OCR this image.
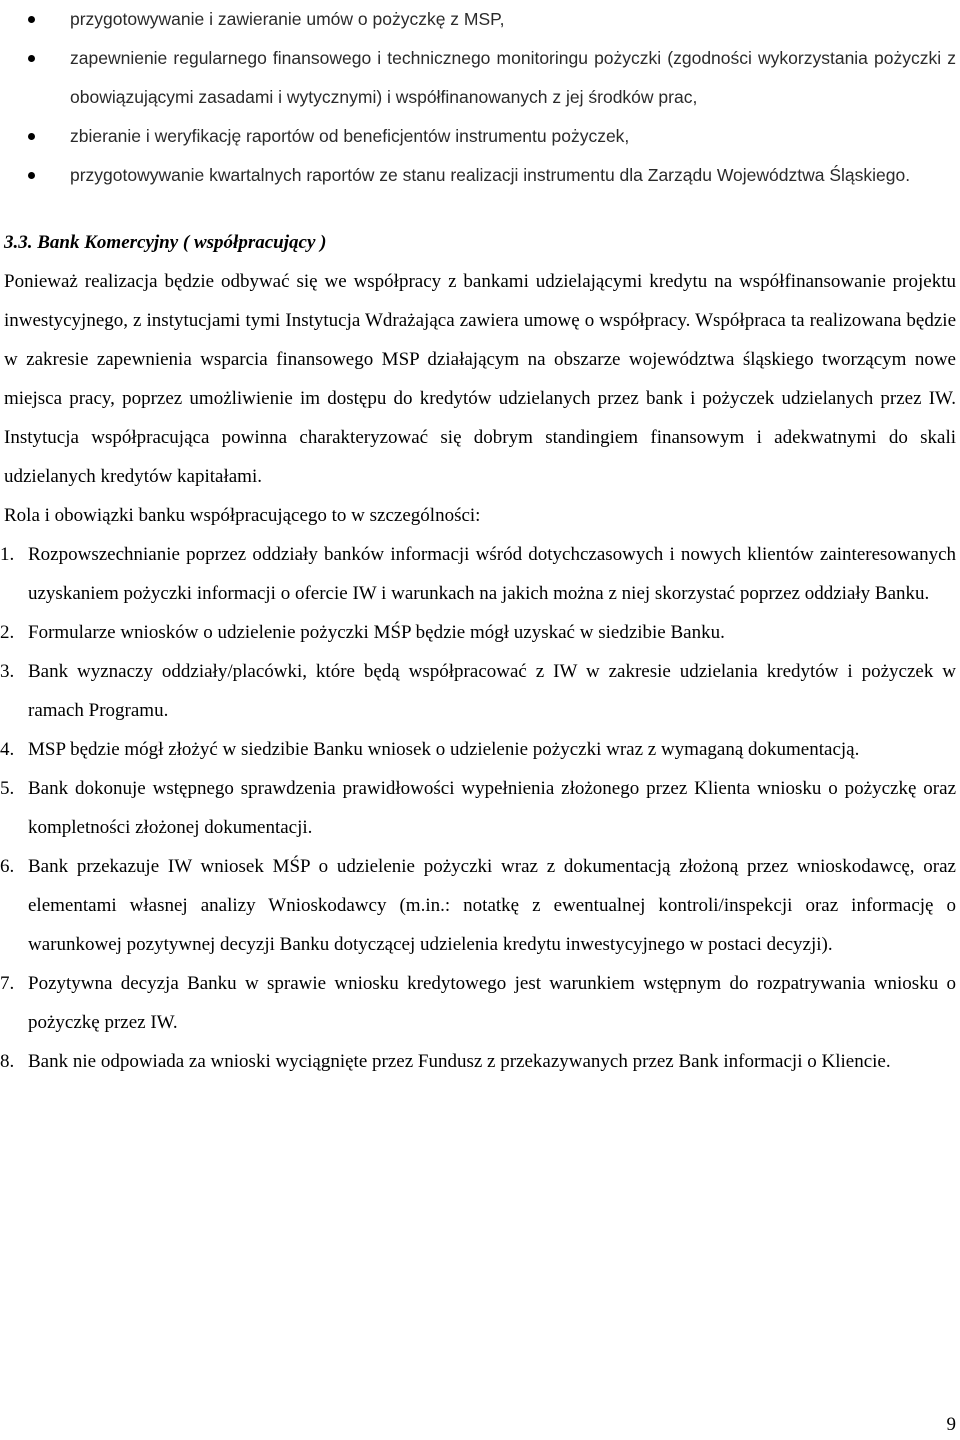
przygotowywanie i zawieranie umów o pożyczkę z MSP,
zapewnienie regularnego finansowego i technicznego monitoringu pożyczki (zgodności wykorzystania pożyczki z obowiązującymi zasadami i wytycznymi) i współfinanowanych z jej środków prac,
zbieranie i weryfikację raportów od beneficjentów instrumentu pożyczek,
przygotowywanie kwartalnych raportów ze stanu realizacji instrumentu dla Zarządu Województwa Śląskiego.
3.3. Bank Komercyjny ( współpracujący )

Ponieważ realizacja będzie odbywać się we współpracy z bankami udzielającymi kredytu na współfinansowanie projektu inwestycyjnego, z instytucjami tymi Instytucja Wdrażająca zawiera umowę o współpracy. Współpraca ta realizowana będzie w zakresie zapewnienia wsparcia finansowego MSP działającym na obszarze województwa śląskiego tworzącym nowe miejsca pracy, poprzez umożliwienie im dostępu do kredytów udzielanych przez bank i pożyczek udzielanych przez IW. Instytucja współpracująca powinna charakteryzować się dobrym standingiem finansowym i adekwatnymi do skali udzielanych kredytów kapitałami.

Rola i obowiązki banku współpracującego to w szczególności:

1. Rozpowszechnianie poprzez oddziały banków informacji wśród dotychczasowych i nowych klientów zainteresowanych uzyskaniem pożyczki informacji o ofercie IW i warunkach na jakich można z niej skorzystać poprzez oddziały Banku.
2. Formularze wniosków o udzielenie pożyczki MŚP będzie mógł uzyskać w siedzibie Banku.
3. Bank wyznaczy oddziały/placówki, które będą współpracować z IW w zakresie udzielania kredytów i pożyczek w ramach Programu.
4. MSP będzie mógł złożyć w siedzibie Banku wniosek o udzielenie pożyczki wraz z wymaganą dokumentacją.
5. Bank dokonuje wstępnego sprawdzenia prawidłowości wypełnienia złożonego przez Klienta wniosku o pożyczkę oraz kompletności złożonej dokumentacji.
6. Bank przekazuje IW wniosek MŚP o udzielenie pożyczki wraz z dokumentacją złożoną przez wnioskodawcę, oraz elementami własnej analizy Wnioskodawcy (m.in.: notatkę z ewentualnej kontroli/inspekcji oraz informację o warunkowej pozytywnej decyzji Banku dotyczącej udzielenia kredytu inwestycyjnego w postaci decyzji).
7. Pozytywna decyzja Banku w sprawie wniosku kredytowego jest warunkiem wstępnym do rozpatrywania wniosku o pożyczkę przez IW.
8. Bank nie odpowiada za wnioski wyciągnięte przez Fundusz z przekazywanych przez Bank informacji o Kliencie.
9
